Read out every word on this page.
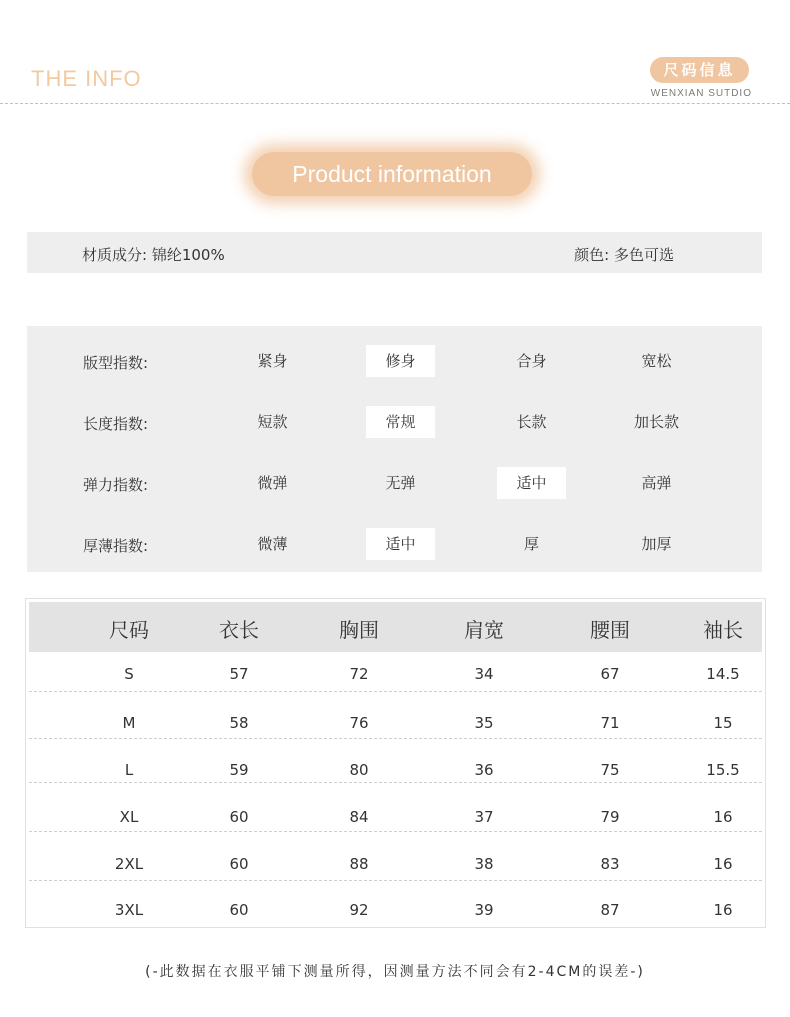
THE INFO	尺码信息
WENXIAN SUTDIO
Product information
材质成分: 锦纶100%	颜色: 多色可选
版型指数:	紧身	修身	合身	宽松
长度指数:	短款	常规	长款	加长款
弹力指数:	微弹	无弹	适中	高弹
厚薄指数:	微薄	适中	厚	加厚
尺码	衣长	胸围	肩宽	腰围	袖长
S	57	72	34	67	14.5
M	58	76	35	71	15
L	59	80	36	75	15.5
XL	60	84	37	79	16
2XL	60	88	38	83	16
3XL	60	92	39	87	16
(-此数据在衣服平铺下测量所得，因测量方法不同会有2-4CM的误差-)
